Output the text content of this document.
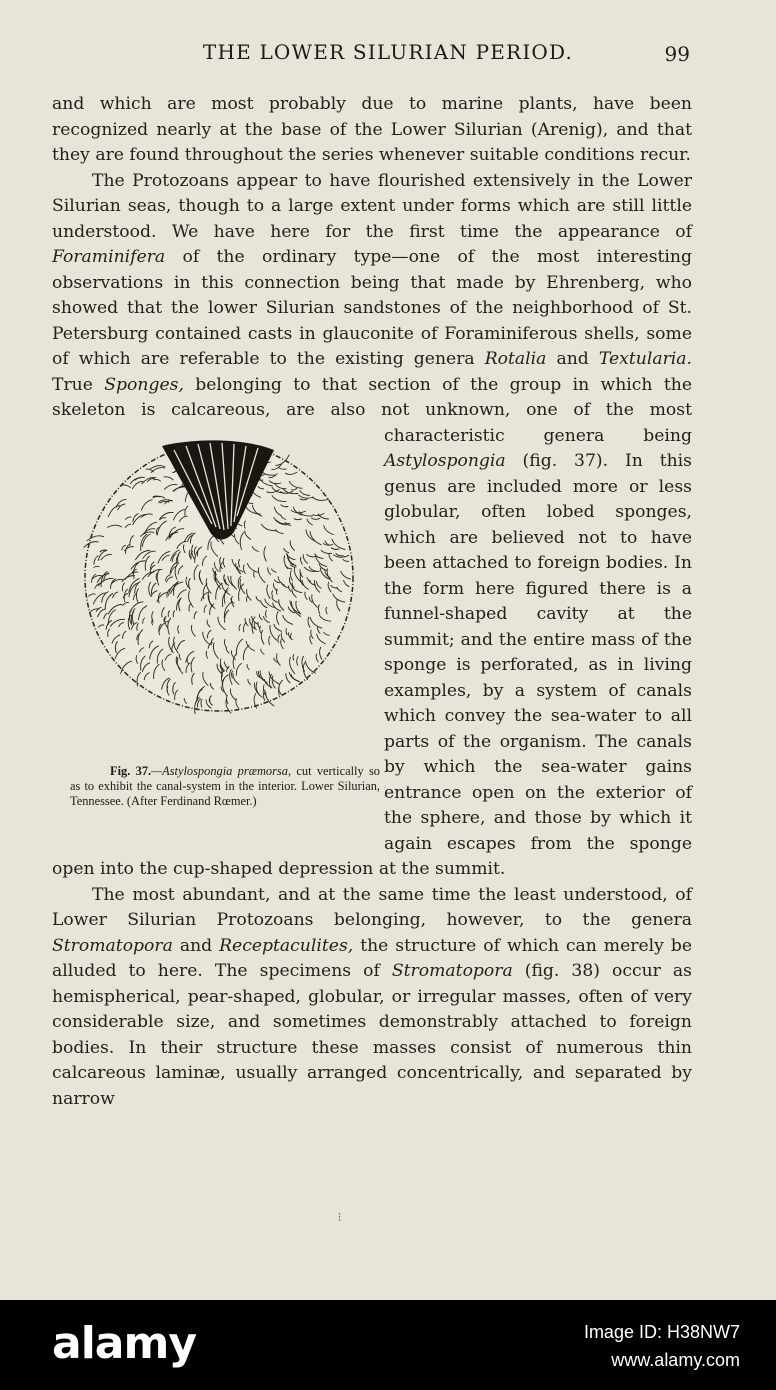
THE LOWER SILURIAN PERIOD.	99

and which are most probably due to marine plants, have been recognized nearly at the base of the Lower Silurian (Arenig), and that they are found throughout the series whenever suitable conditions recur.

The Protozoans appear to have flourished extensively in the Lower Silurian seas, though to a large extent under forms which are still little understood. We have here for the first time the appearance of Foraminifera of the ordinary type—one of the most interesting observations in this connection being that made by Ehrenberg, who showed that the lower Silurian sandstones of the neighborhood of St. Petersburg contained casts in glauconite of Foraminiferous shells, some of which are referable to the existing genera Rotalia and Textularia. True Sponges, belonging to that section of the group in which the skeleton is calcareous, are also not unknown, one of the most characteristic genera being
Fig. 37.—Astylospongia præmorsa, cut vertically so as to exhibit the canal-system in the interior. Lower Silurian, Tennessee. (After Ferdinand Rœmer.)
Astylospongia (fig. 37). In this genus are included more or less globular, often lobed sponges, which are believed not to have been attached to foreign bodies. In the form here figured there is a funnel-shaped cavity at the summit; and the entire mass of the sponge is perforated, as in living examples, by a system of canals which convey the sea-water to all parts of the organism. The canals by which the sea-water gains entrance open on the exterior of the sphere, and those by which it again escapes from the sponge open into the cup-shaped depression at the summit.

The most abundant, and at the same time the least understood, of Lower Silurian Protozoans belonging, however, to the genera Stromatopora and Receptaculites, the structure of which can merely be alluded to here. The specimens of Stromatopora (fig. 38) occur as hemispherical, pear-shaped, globular, or irregular masses, often of very considerable size, and sometimes demonstrably attached to foreign bodies. In their structure these masses consist of numerous thin calcareous laminæ, usually arranged concentrically, and separated by narrow

⁝
alamy	Image ID: H38NW7
www.alamy.com
